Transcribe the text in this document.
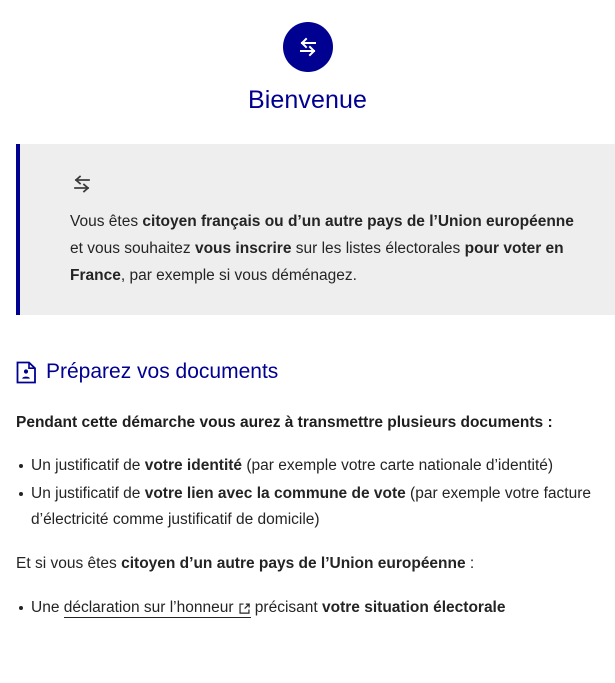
Bienvenue
Vous êtes citoyen français ou d’un autre pays de l’Union européenne et vous souhaitez vous inscrire sur les listes électorales pour voter en France, par exemple si vous déménagez.
Préparez vos documents

Pendant cette démarche vous aurez à transmettre plusieurs documents :

Un justificatif de votre identité (par exemple votre carte nationale d’identité)
Un justificatif de votre lien avec la commune de vote (par exemple votre facture d’électricité comme justificatif de domicile)

Et si vous êtes citoyen d’un autre pays de l’Union européenne :

Une déclaration sur l’honneur précisant votre situation électorale
